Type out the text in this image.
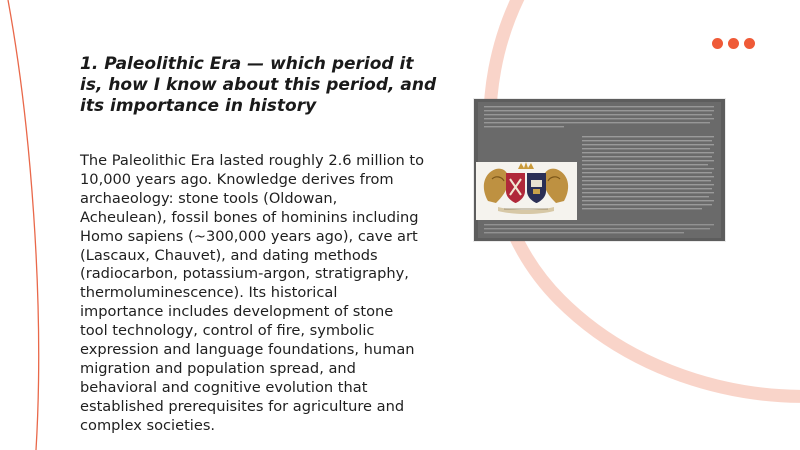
1. Paleolithic Era — which period it is, how I know about this period, and its importance in history

The Paleolithic Era lasted roughly 2.6 million to 10,000 years ago. Knowledge derives from archaeology: stone tools (Oldowan, Acheulean), fossil bones of hominins including Homo sapiens (~300,000 years ago), cave art (Lascaux, Chauvet), and dating methods (radiocarbon, potassium-argon, stratigraphy, thermoluminescence). Its historical importance includes development of stone tool technology, control of fire, symbolic expression and language foundations, human migration and population spread, and behavioral and cognitive evolution that established prerequisites for agriculture and complex societies.
